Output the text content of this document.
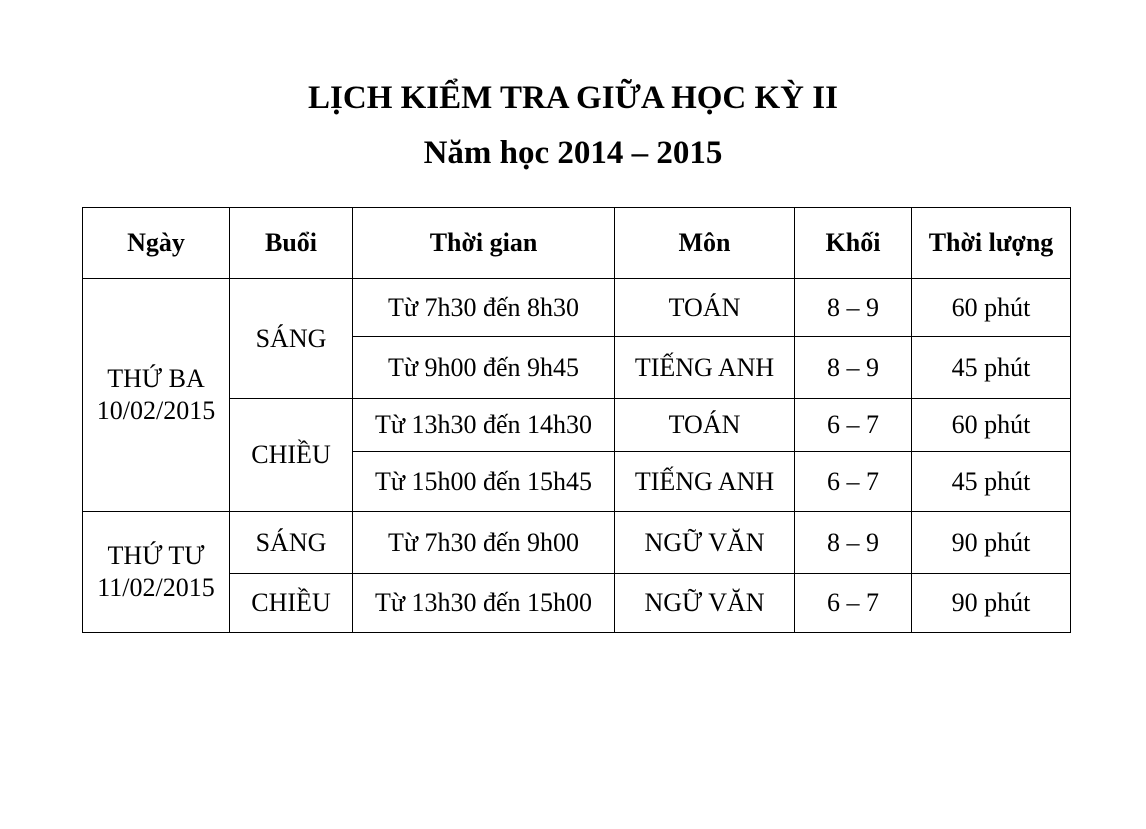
LỊCH KIỂM TRA GIỮA HỌC KỲ II
Năm học 2014 – 2015
Ngày	Buổi	Thời gian	Môn	Khối	Thời lượng

THỨ BA
10/02/2015	SÁNG	Từ 7h30 đến 8h30	TOÁN	8 – 9	60 phút
		Từ 9h00 đến 9h45	TIẾNG ANH	8 – 9	45 phút
	CHIỀU	Từ 13h30 đến 14h30	TOÁN	6 – 7	60 phút
		Từ 15h00 đến 15h45	TIẾNG ANH	6 – 7	45 phút

THỨ TƯ
11/02/2015	SÁNG	Từ 7h30 đến 9h00	NGỮ VĂN	8 – 9	90 phút
	CHIỀU	Từ 13h30 đến 15h00	NGỮ VĂN	6 – 7	90 phút
